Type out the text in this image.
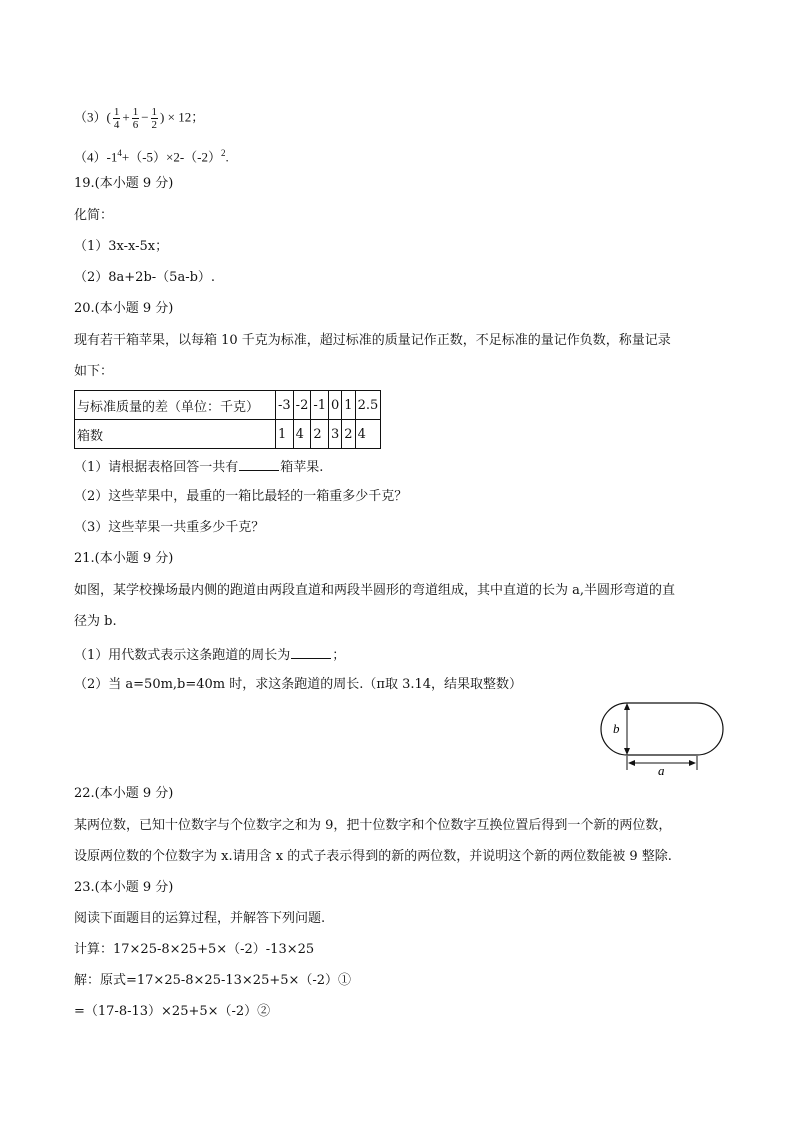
$(3)( \frac{1}{4} + \frac{1}{6} - \frac{1}{2}$ ) × 12；
$(4)-1^4+(-5)\times 2-(-2)^2$.
19.(本小题 9 分)
化简：
（1）3x-x-5x；
（2）8a+2b-（5a-b）.
20.(本小题 9 分)
现有若干箱苹果，以每箱 10 千克为标准，超过标准的质量记作正数，不足标准的量记作负数，称量记录
如下：
与标准质量的差（单位：千克）	-3	-2	-1	0	1	2.5
箱数	1	4	2	3	2	4
（1）请根据表格回答一共有	箱苹果.
（2）这些苹果中，最重的一箱比最轻的一箱重多少千克？
（3）这些苹果一共重多少千克？
21.(本小题 9 分)
如图，某学校操场最内侧的跑道由两段直道和两段半圆形的弯道组成，其中直道的长为 a,半圆形弯道的直
径为 b.
（1）用代数式表示这条跑道的周长为	；
（2）当 a=50m,b=40m 时，求这条跑道的周长.（π取 3.14，结果取整数）
b
a
22.(本小题 9 分)
某两位数，已知十位数字与个位数字之和为 9，把十位数字和个位数字互换位置后得到一个新的两位数，
设原两位数的个位数字为 x.请用含 x 的式子表示得到的新的两位数，并说明这个新的两位数能被 9 整除.
23.(本小题 9 分)
阅读下面题目的运算过程，并解答下列问题.
计算：17×25-8×25+5×（-2）-13×25
解：原式=17×25-8×25-13×25+5×（-2）①
=（17-8-13）×25+5×（-2）②
